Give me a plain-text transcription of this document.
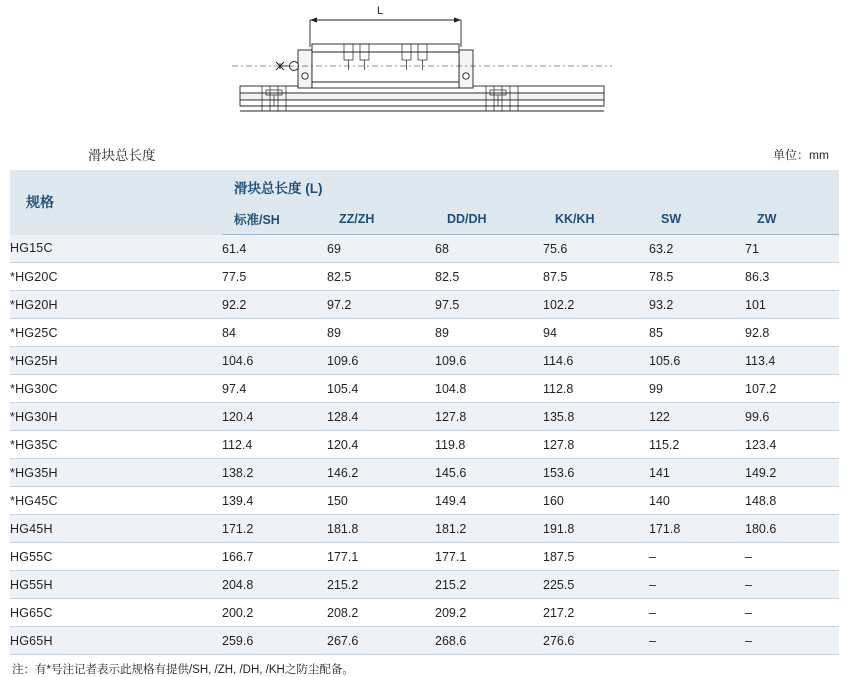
L
滑块总长度	单位：mm
规格	滑块总长度 (L)					
	标准/SH	ZZ/ZH	DD/DH	KK/KH	SW	ZW
HG15C	61.4	69	68	75.6	63.2	71
*HG20C	77.5	82.5	82.5	87.5	78.5	86.3
*HG20H	92.2	97.2	97.5	102.2	93.2	101
*HG25C	84	89	89	94	85	92.8
*HG25H	104.6	109.6	109.6	114.6	105.6	113.4
*HG30C	97.4	105.4	104.8	112.8	99	107.2
*HG30H	120.4	128.4	127.8	135.8	122	99.6
*HG35C	112.4	120.4	119.8	127.8	115.2	123.4
*HG35H	138.2	146.2	145.6	153.6	141	149.2
*HG45C	139.4	150	149.4	160	140	148.8
HG45H	171.2	181.8	181.2	191.8	171.8	180.6
HG55C	166.7	177.1	177.1	187.5	–	–
HG55H	204.8	215.2	215.2	225.5	–	–
HG65C	200.2	208.2	209.2	217.2	–	–
HG65H	259.6	267.6	268.6	276.6	–	–
注：有*号注记者表示此规格有提供/SH, /ZH, /DH, /KH之防尘配备。
